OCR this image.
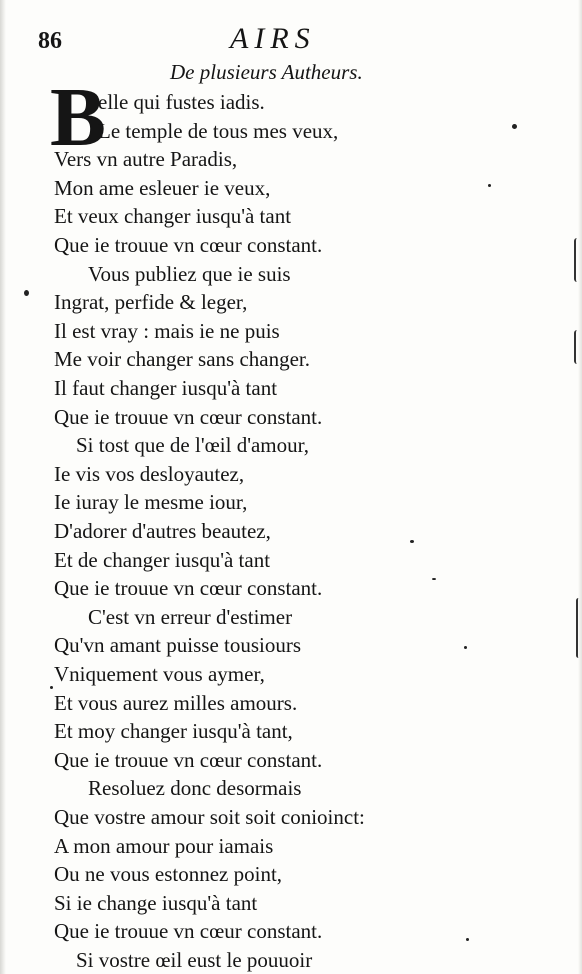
86	AIRS
De plusieurs Autheurs.
B
elle qui fustes iadis.
Le temple de tous mes veux,
Vers vn autre Paradis,
Mon ame esleuer ie veux,
Et veux changer iusqu'à tant
Que ie trouue vn cœur constant.
Vous publiez que ie suis
Ingrat, perfide & leger,
Il est vray : mais ie ne puis
Me voir changer sans changer.
Il faut changer iusqu'à tant
Que ie trouue vn cœur constant.
Si tost que de l'œil d'amour,
Ie vis vos desloyautez,
Ie iuray le mesme iour,
D'adorer d'autres beautez,
Et de changer iusqu'à tant
Que ie trouue vn cœur constant.
C'est vn erreur d'estimer
Qu'vn amant puisse tousiours
Vniquement vous aymer,
Et vous aurez milles amours.
Et moy changer iusqu'à tant,
Que ie trouue vn cœur constant.
Resoluez donc desormais
Que vostre amour soit soit conioinct:
A mon amour pour iamais
Ou ne vous estonnez point,
Si ie change iusqu'à tant
Que ie trouue vn cœur constant.
Si vostre œil eust le pouuoir
